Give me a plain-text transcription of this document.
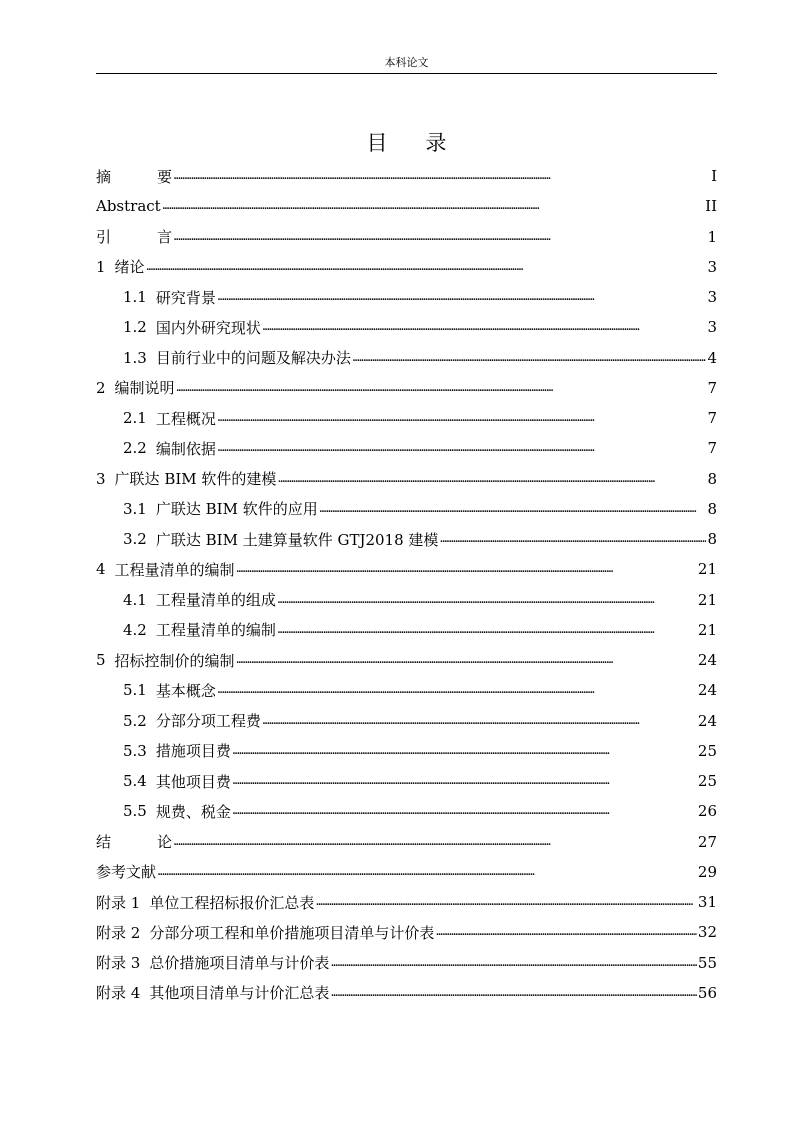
本科论文
目 录
摘	要 . . .	I
Abstract . . .	II
引	言 . . .	1
1 绪论 . . .	3
1.1 研究背景 . . .	3
1.2 国内外研究现状 . . .	3
1.3 目前行业中的问题及解决办法 . . .	4
2 编制说明 . . .	7
2.1 工程概况 . . .	7
2.2 编制依据 . . .	7
3 广联达 BIM 软件的建模 . . .	8
3.1 广联达 BIM 软件的应用 . . .	8
3.2 广联达 BIM 土建算量软件 GTJ2018 建模 . . .	8
4 工程量清单的编制 . . .	21
4.1 工程量清单的组成 . . .	21
4.2 工程量清单的编制 . . .	21
5 招标控制价的编制 . . .	24
5.1 基本概念 . . .	24
5.2 分部分项工程费 . . .	24
5.3 措施项目费 . . .	25
5.4 其他项目费 . . .	25
5.5 规费、税金 . . .	26
结	论 . . .	27
参考文献 . . .	29
附录 1 单位工程招标报价汇总表 . . .	31
附录 2 分部分项工程和单价措施项目清单与计价表 . . .	32
附录 3 总价措施项目清单与计价表 . . .	55
附录 4 其他项目清单与计价汇总表 . . .	56
